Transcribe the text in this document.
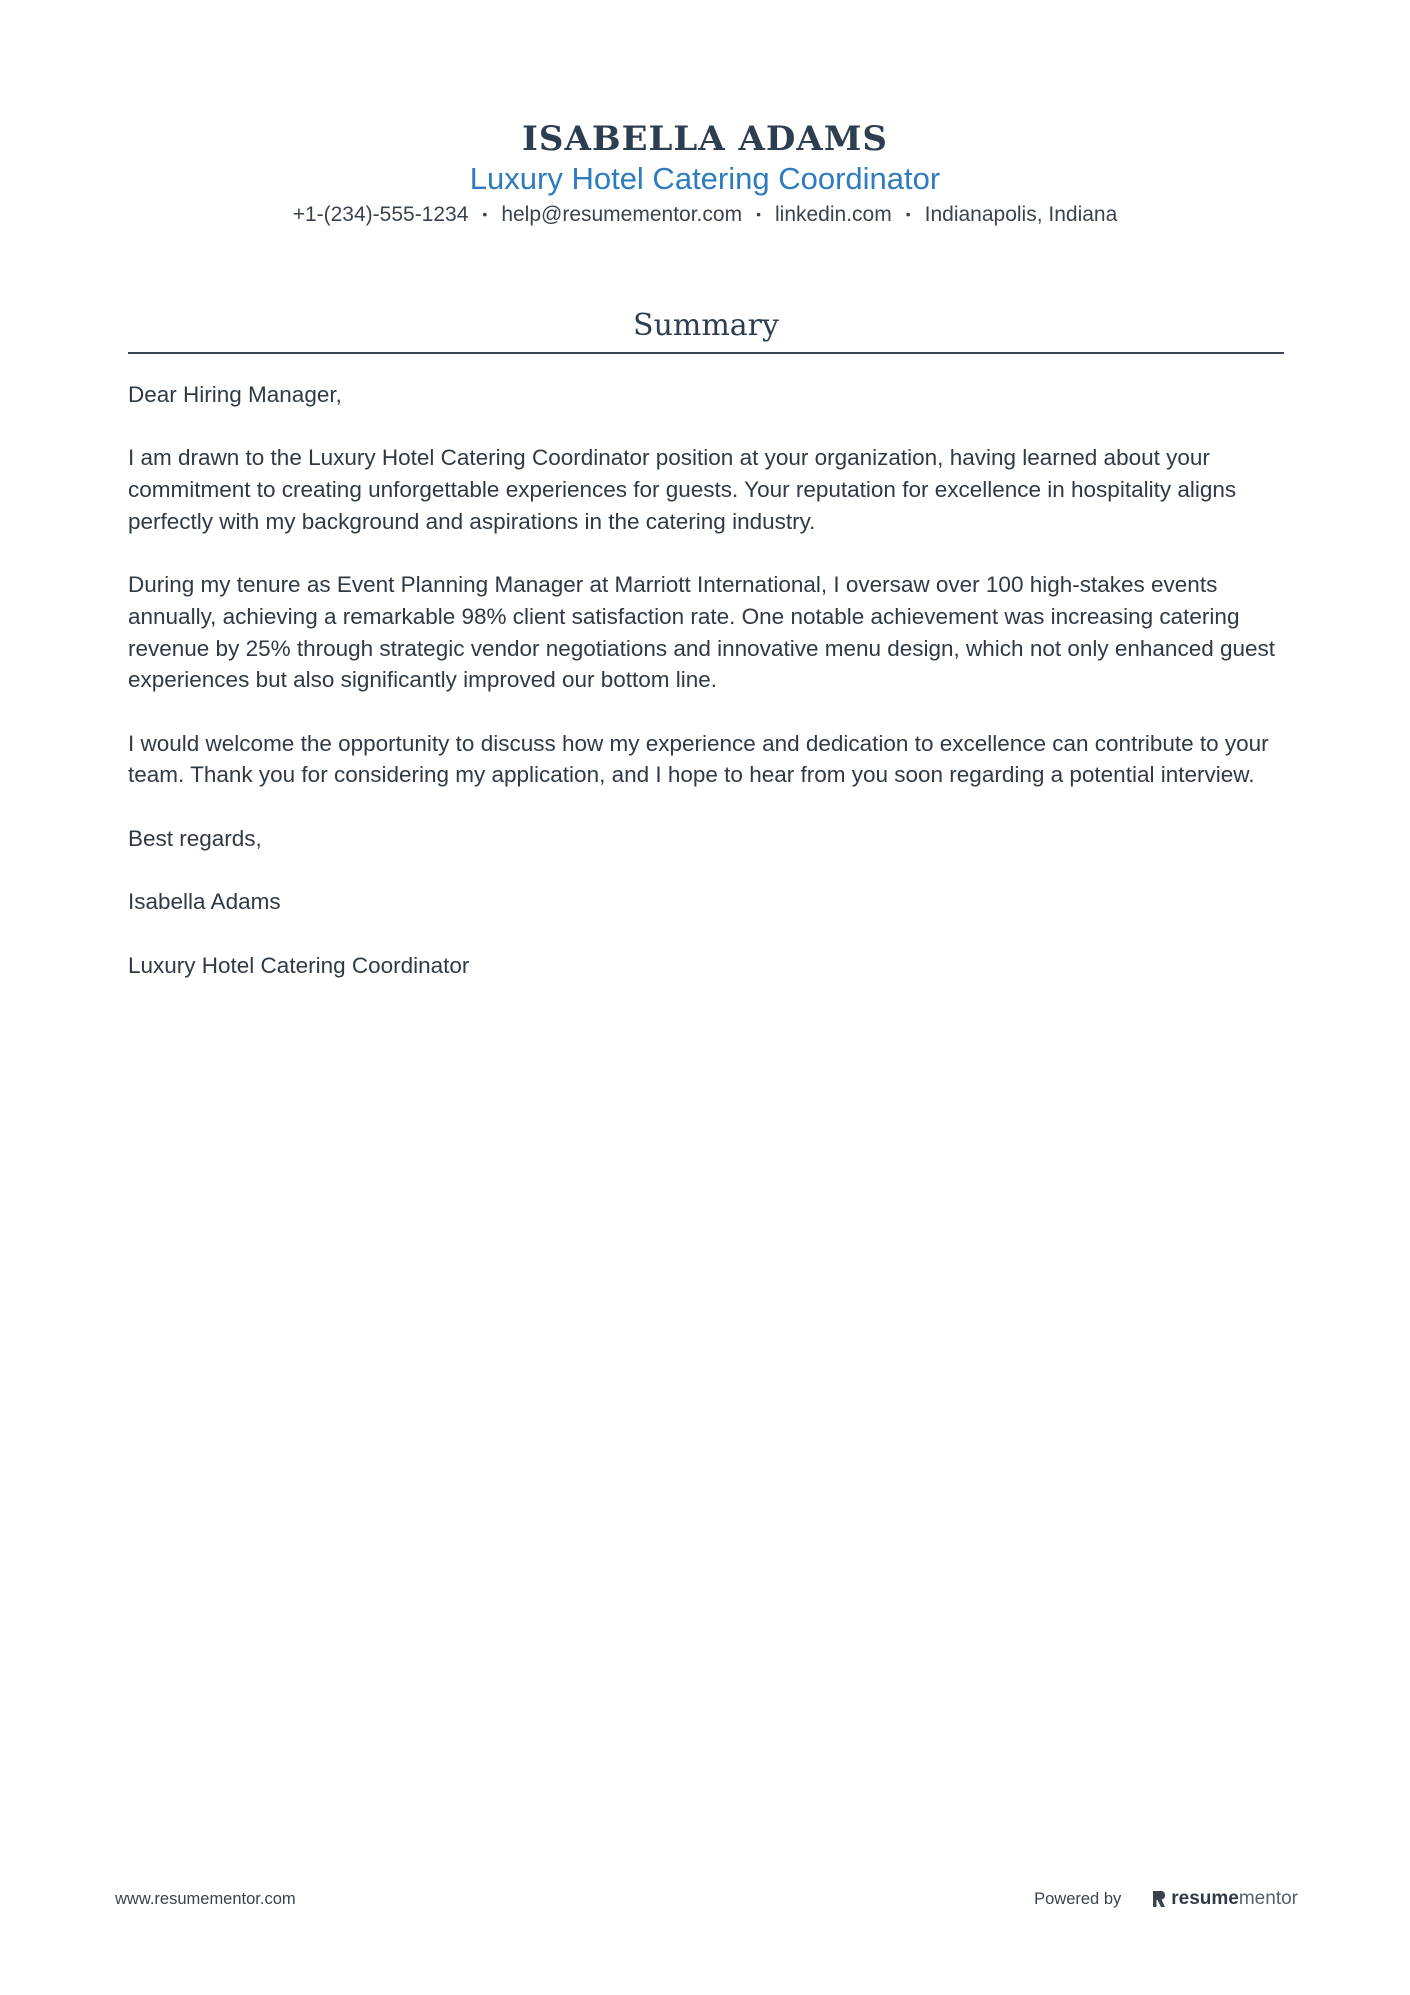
ISABELLA ADAMS
Luxury Hotel Catering Coordinator
+1-(234)-555-1234 • help@resumementor.com • linkedin.com • Indianapolis, Indiana
Summary

Dear Hiring Manager,

I am drawn to the Luxury Hotel Catering Coordinator position at your organization, having learned about your commitment to creating unforgettable experiences for guests. Your reputation for excellence in hospitality aligns perfectly with my background and aspirations in the catering industry.

During my tenure as Event Planning Manager at Marriott International, I oversaw over 100 high-stakes events annually, achieving a remarkable 98% client satisfaction rate. One notable achievement was increasing catering revenue by 25% through strategic vendor negotiations and innovative menu design, which not only enhanced guest experiences but also significantly improved our bottom line.

I would welcome the opportunity to discuss how my experience and dedication to excellence can contribute to your team. Thank you for considering my application, and I hope to hear from you soon regarding a potential interview.

Best regards,

Isabella Adams

Luxury Hotel Catering Coordinator

www.resumementor.com	Powered by	resume mentor
